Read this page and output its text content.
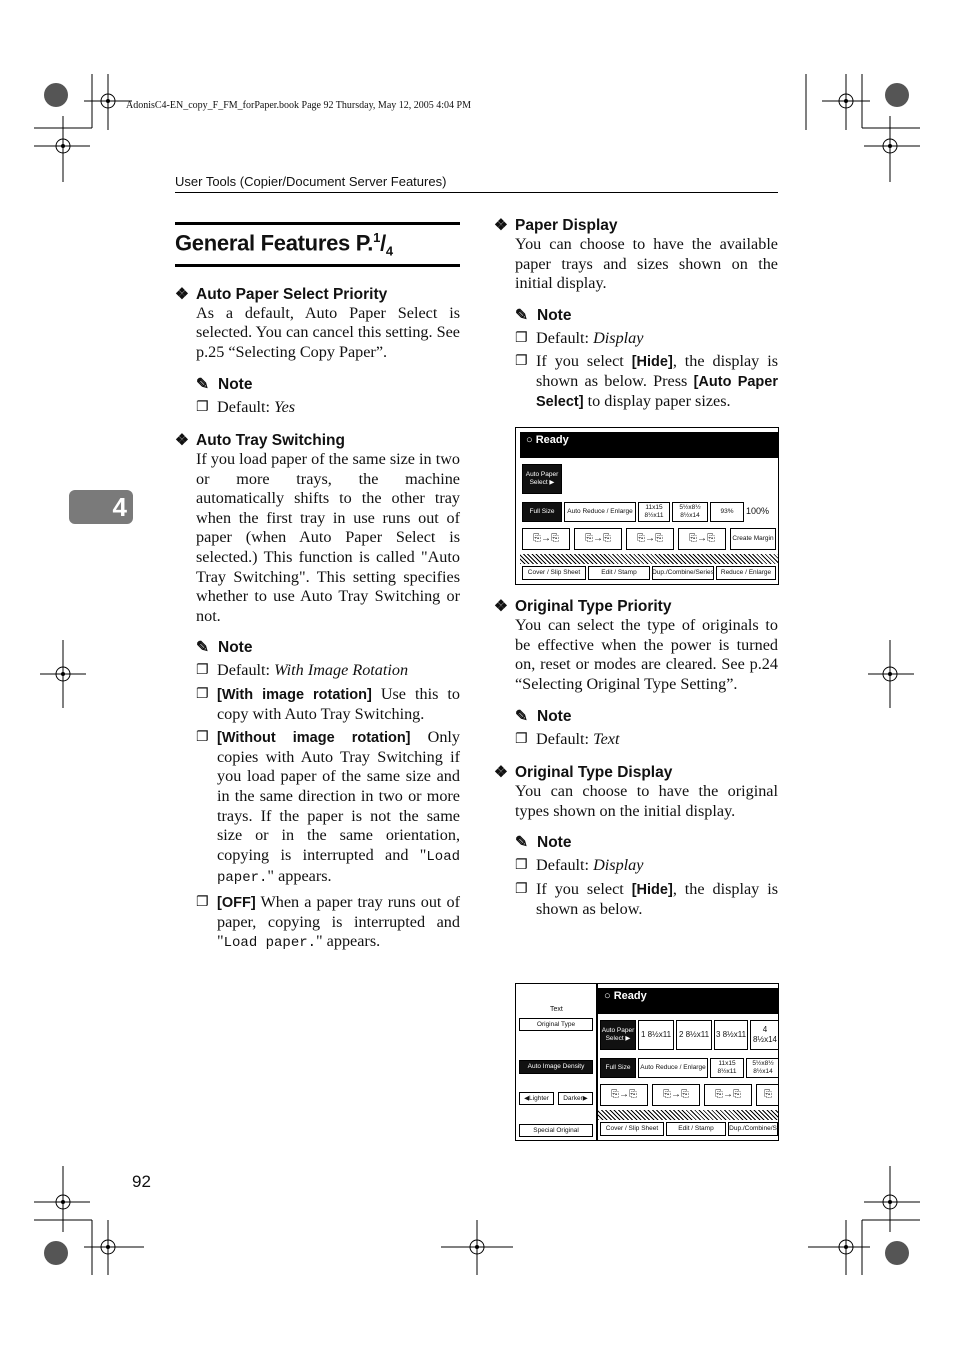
AdonisC4-EN_copy_F_FM_forPaper.book Page 92 Thursday, May 12, 2005 4:04 PM
User Tools (Copier/Document Server Features)
4
92
General Features $P.^1/_4$
❖ Auto Paper Select Priority
As a default, Auto Paper Select is selected. You can cancel this setting. See p.25 “Selecting Copy Paper”.
✎ Note
❐ Default: Yes
❖ Auto Tray Switching
If you load paper of the same size in two or more trays, the machine automatically shifts to the other tray when the first tray in use runs out of paper (when Auto Paper Select is selected.) This function is called "Auto Tray Switching". This setting specifies whether to use Auto Tray Switching or not.
✎ Note
❐ Default: With Image Rotation
❐ [With image rotation] Use this to copy with Auto Tray Switching.
❐ [Without image rotation] Only copies with Auto Tray Switching if you load paper of the same size and in the same direction in two or more trays. If the paper is not the same size or in the same orientation, copying is interrupted and "Load paper." appears.
❐ [OFF] When a paper tray runs out of paper, copying is interrupted and "Load paper." appears.
❖ Paper Display
You can choose to have the available paper trays and sizes shown on the initial display.
✎ Note
❐ Default: Display
❐ If you select [Hide], the display is shown as below. Press [Auto Paper Select] to display paper sizes.
❖ Original Type Priority
You can select the type of originals to be effective when the power is turned on, reset or modes are cleared. See p.24 “Selecting Original Type Setting”.
✎ Note
❐ Default: Text
❖ Original Type Display
You can choose to have the original types shown on the initial display.
✎ Note
❐ Default: Display
❐ If you select [Hide], the display is shown as below.
○ Ready
Auto Paper Select ▶
Full Size	Auto Reduce / Enlarge
11x15 8½x11
5½x8½ 8½x14
93%	100%
⎘→⎘	⎘→⎘	⎘→⎘	⎘→⎘	Create Margin
Cover / Slip Sheet	Edit / Stamp	Dup./Combine/Series	Reduce / Enlarge
Text
Original Type
Auto Image Density
◀Lighter	Darker▶
Special Original
○ Ready
Auto Paper Select ▶	1 8½x11 2 8½x11 3 8½x11
4 8½x14
Full Size	Auto Reduce / Enlarge
11x15 8½x11
5½x8½ 8½x14
⎘→⎘	⎘→⎘	⎘→⎘	⎘
Cover / Slip Sheet	Edit / Stamp	Dup./Combine/S
